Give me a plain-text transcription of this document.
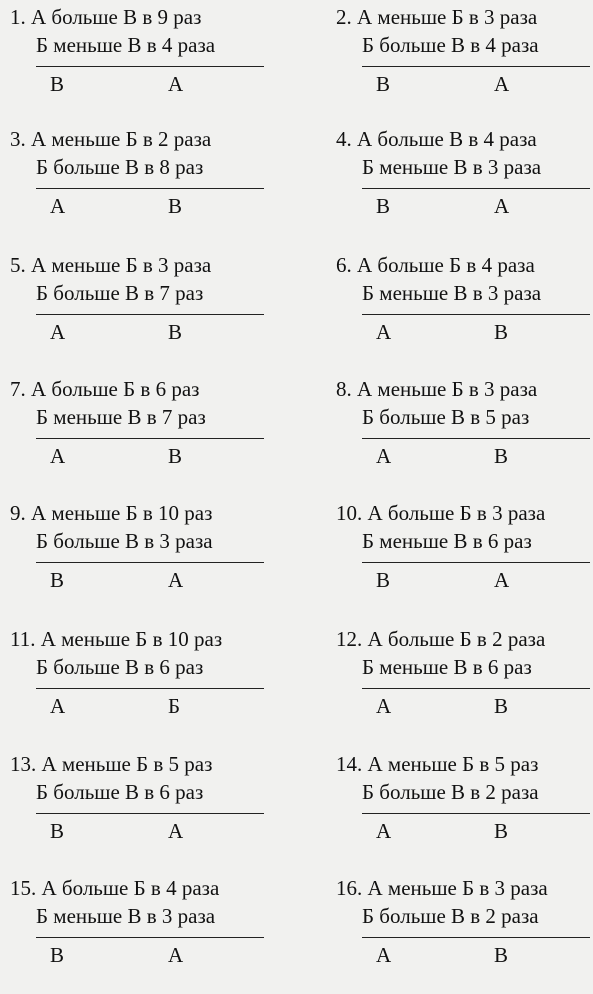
1. А больше В в 9 раз
Б меньше В в 4 раза
В	А
2. А меньше Б в 3 раза
Б больше В в 4 раза
В	А
3. А меньше Б в 2 раза
Б больше В в 8 раз
А	В
4. А больше В в 4 раза
Б меньше В в 3 раза
В	А
5. А меньше Б в 3 раза
Б больше В в 7 раз
А	В
6. А больше Б в 4 раза
Б меньше В в 3 раза
А	В
7. А больше Б в 6 раз
Б меньше В в 7 раз
А	В
8. А меньше Б в 3 раза
Б больше В в 5 раз
А	В
9. А меньше Б в 10 раз
Б больше В в 3 раза
В	А
10. А больше Б в 3 раза
Б меньше В в 6 раз
В	А
11. А меньше Б в 10 раз
Б больше В в 6 раз
А	Б
12. А больше Б в 2 раза
Б меньше В в 6 раз
А	В
13. А меньше Б в 5 раз
Б больше В в 6 раз
В	А
14. А меньше Б в 5 раз
Б больше В в 2 раза
А	В
15. А больше Б в 4 раза
Б меньше В в 3 раза
В	А
16. А меньше Б в 3 раза
Б больше В в 2 раза
А	В
